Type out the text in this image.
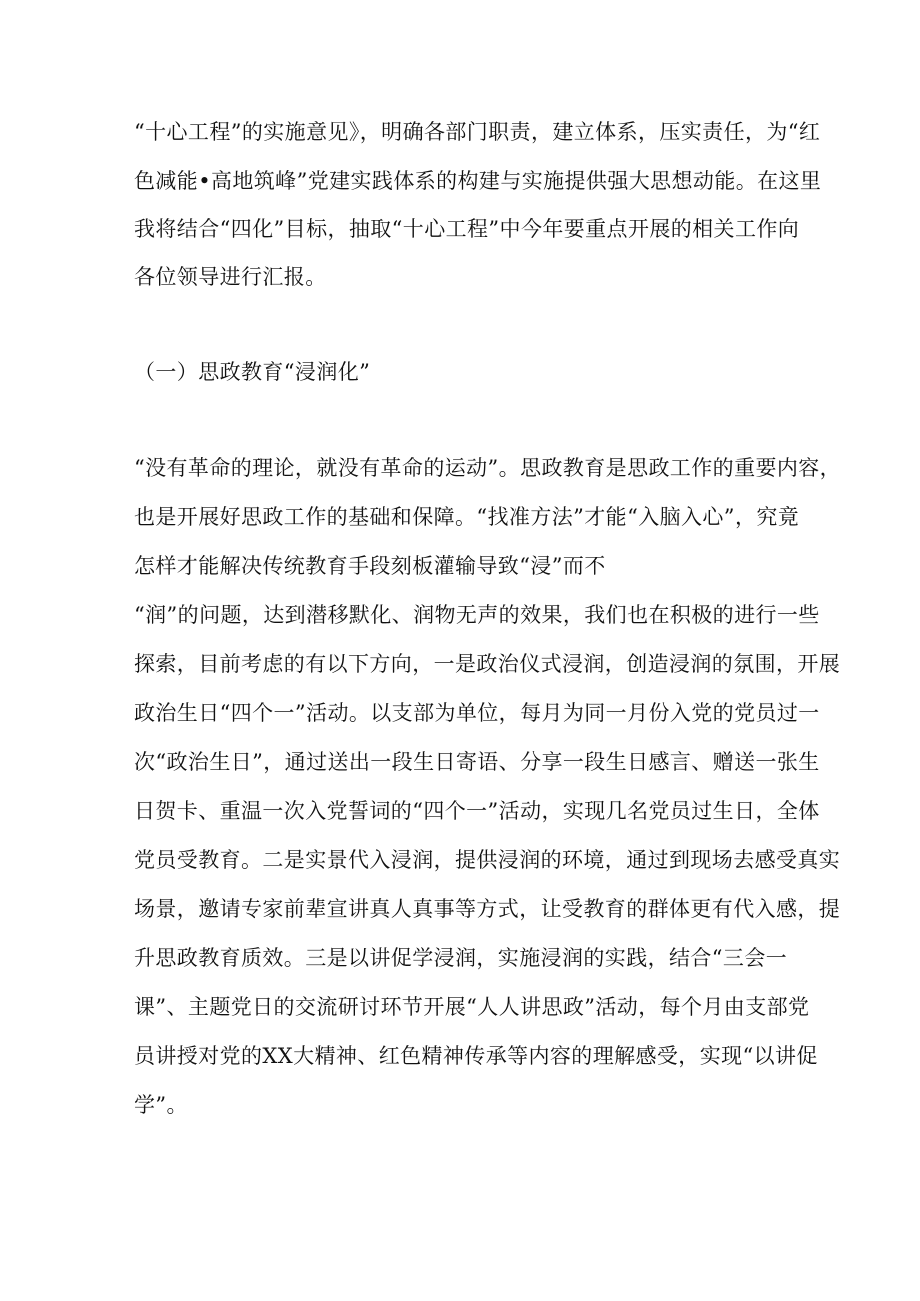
“十心工程”的实施意见》，明确各部门职责，建立体系，压实责任，为“红
色减能•高地筑峰”党建实践体系的构建与实施提供强大思想动能。在这里
我将结合“四化”目标，抽取“十心工程”中今年要重点开展的相关工作向
各位领导进行汇报。
（一）思政教育“浸润化”
“没有革命的理论，就没有革命的运动”。思政教育是思政工作的重要内容，
也是开展好思政工作的基础和保障。“找准方法”才能“入脑入心”，究竟
怎样才能解决传统教育手段刻板灌输导致“浸”而不
“润”的问题，达到潜移默化、润物无声的效果，我们也在积极的进行一些
探索，目前考虑的有以下方向，一是政治仪式浸润，创造浸润的氛围，开展
政治生日“四个一”活动。以支部为单位，每月为同一月份入党的党员过一
次“政治生日”，通过送出一段生日寄语、分享一段生日感言、赠送一张生
日贺卡、重温一次入党誓词的“四个一”活动，实现几名党员过生日，全体
党员受教育。二是实景代入浸润，提供浸润的环境，通过到现场去感受真实
场景，邀请专家前辈宣讲真人真事等方式，让受教育的群体更有代入感，提
升思政教育质效。三是以讲促学浸润，实施浸润的实践，结合“三会一
课”、主题党日的交流研讨环节开展“人人讲思政”活动，每个月由支部党
员讲授对党的XX大精神、红色精神传承等内容的理解感受，实现“以讲促
学”。
